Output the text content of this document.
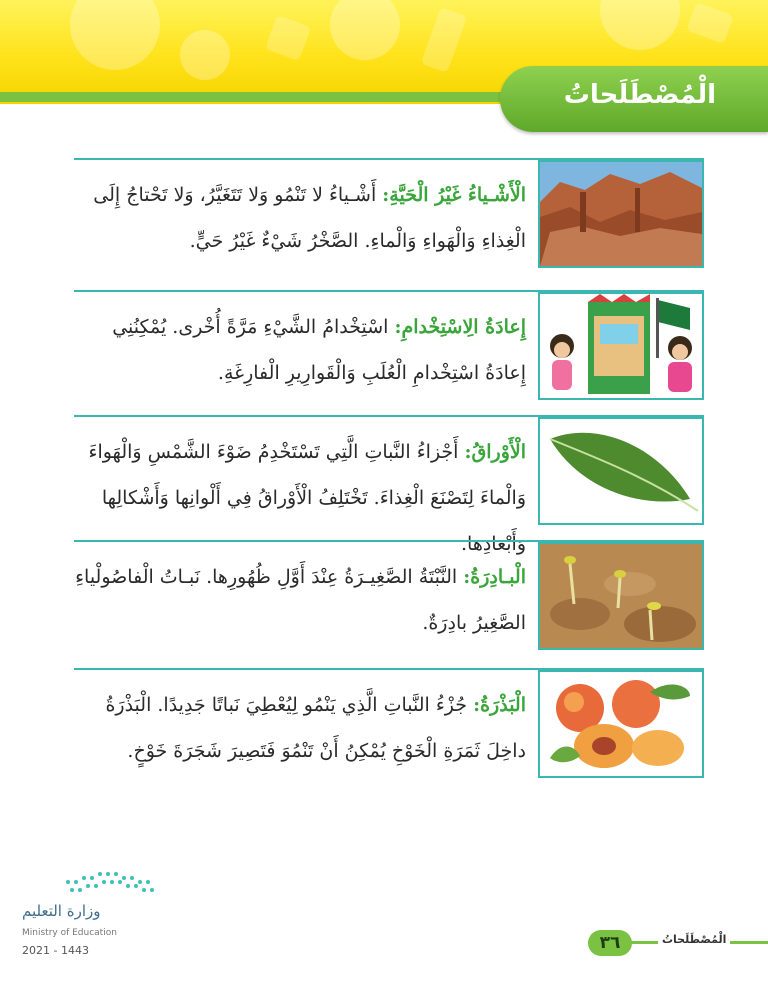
الْمُصْطَلَحاتُ
الْأَشْـياءُ غَيْرُ الْحَيَّةِ: أَشْـياءُ لا تَنْمُو وَلا تَتَغَيَّرُ، وَلا تَحْتاجُ إِلَى الْغِذاءِ وَالْهَواءِ وَالْماءِ. الصَّخْرُ شَيْءٌ غَيْرُ حَيٍّ.
إِعادَةُ الِاسْتِخْدامِ: اسْتِخْدامُ الشَّيْءِ مَرَّةً أُخْرى. يُمْكِنُنِي إِعادَةُ اسْتِخْدامِ الْعُلَبِ وَالْقَوارِيرِ الْفارِغَةِ.
الْأَوْراقُ: أَجْزاءُ النَّباتِ الَّتِي تَسْتَخْدِمُ ضَوْءَ الشَّمْسِ وَالْهَواءَ وَالْماءَ لِتَصْنَعَ الْغِذاءَ. تَخْتَلِفُ الْأَوْراقُ فِي أَلْوانِها وَأَشْكالِها وَأَبْعادِها.
الْبـادِرَةُ: النَّبْتَةُ الصَّغِيـرَةُ عِنْدَ أَوَّلِ ظُهُورِها. نَبـاتُ الْفاصُولْياءِ الصَّغِيرُ بادِرَةٌ.
الْبَذْرَةُ: جُزْءُ النَّباتِ الَّذِي يَنْمُو لِيُعْطِيَ نَباتًا جَدِيدًا. الْبَذْرَةُ داخِلَ ثَمَرَةِ الْخَوْخِ يُمْكِنُ أَنْ تَنْمُوَ فَتَصِيرَ شَجَرَةَ خَوْخٍ.
وزارة التعليم
Ministry of Education
2021 - 1443	٣٦	الْمُصْطَلَحاتُ
